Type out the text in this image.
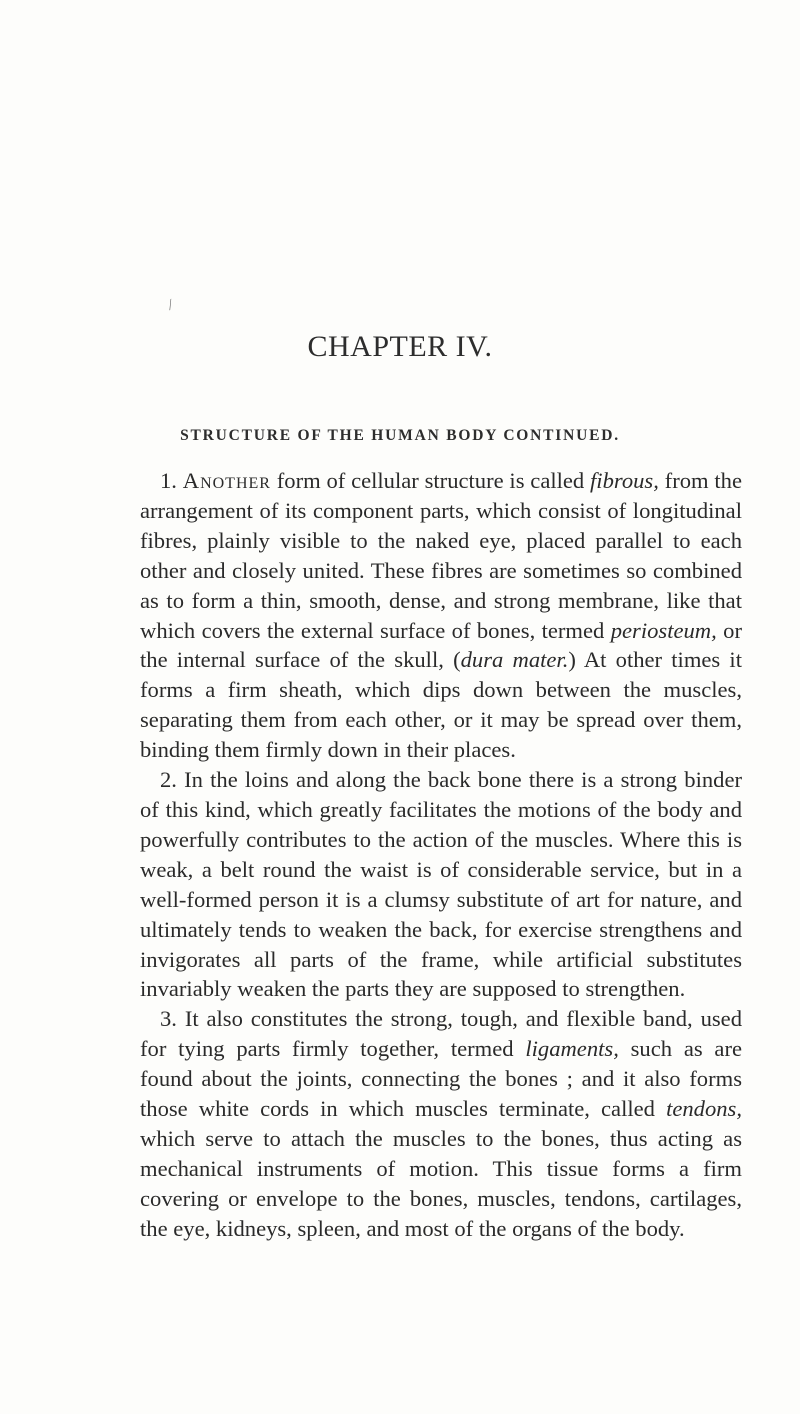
⁄
CHAPTER IV.
STRUCTURE OF THE HUMAN BODY CONTINUED.

1. Another form of cellular structure is called fibrous, from the arrangement of its component parts, which consist of longitudinal fibres, plainly visible to the naked eye, placed parallel to each other and closely united. These fibres are sometimes so combined as to form a thin, smooth, dense, and strong membrane, like that which covers the external surface of bones, termed periosteum, or the internal surface of the skull, (dura mater.) At other times it forms a firm sheath, which dips down between the muscles, separating them from each other, or it may be spread over them, binding them firmly down in their places.

2. In the loins and along the back bone there is a strong binder of this kind, which greatly facilitates the motions of the body and powerfully contributes to the action of the muscles. Where this is weak, a belt round the waist is of considerable service, but in a well-formed person it is a clumsy substitute of art for nature, and ultimately tends to weaken the back, for exercise strengthens and invigorates all parts of the frame, while artificial substitutes invariably weaken the parts they are supposed to strengthen.

3. It also constitutes the strong, tough, and flexible band, used for tying parts firmly together, termed ligaments, such as are found about the joints, connecting the bones ; and it also forms those white cords in which muscles terminate, called tendons, which serve to attach the muscles to the bones, thus acting as mechanical instruments of motion. This tissue forms a firm covering or envelope to the bones, muscles, tendons, cartilages, the eye, kidneys, spleen, and most of the organs of the body.
